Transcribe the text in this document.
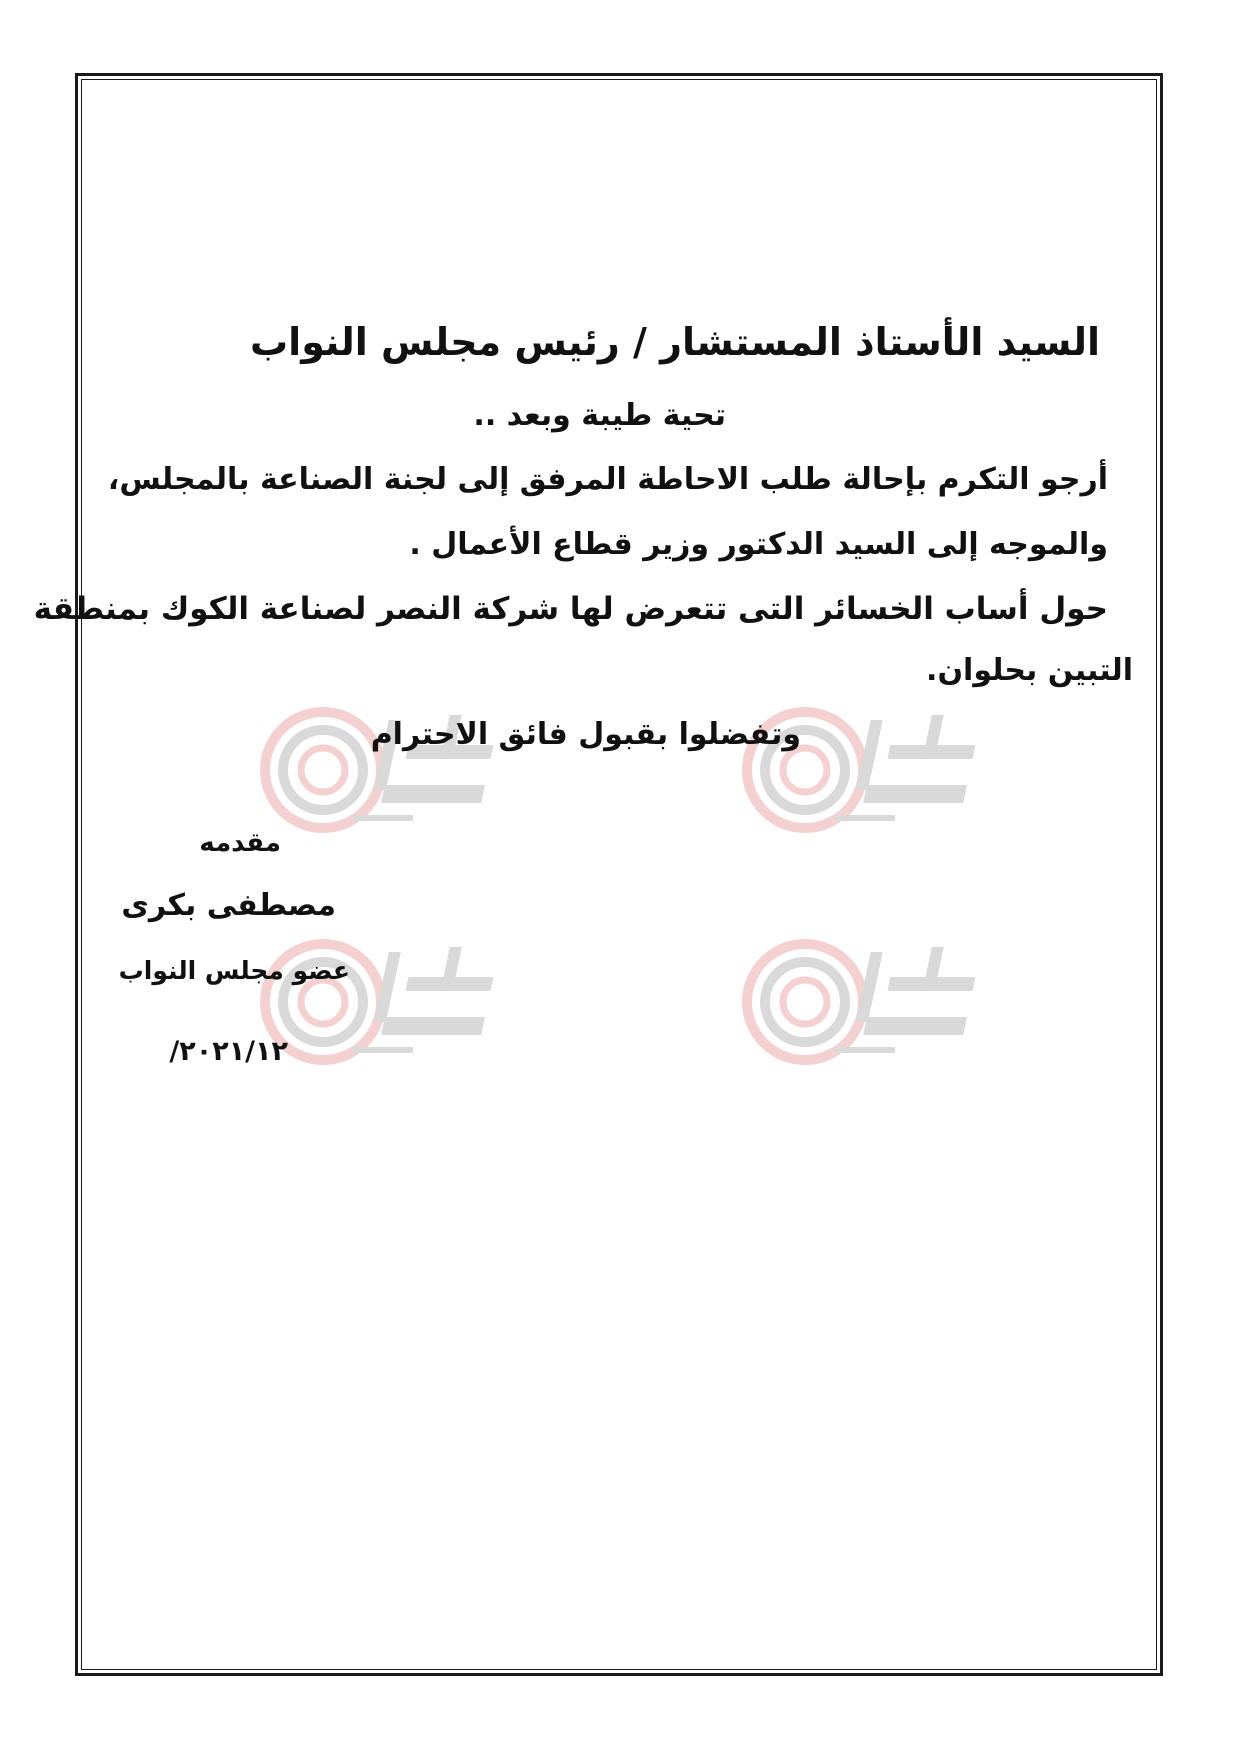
السيد الأستاذ المستشار / رئيس مجلس النواب
تحية طيبة وبعد ..
أرجو التكرم بإحالة طلب الاحاطة المرفق إلى لجنة الصناعة بالمجلس،
والموجه إلى السيد الدكتور وزير قطاع الأعمال .
حول أساب الخسائر التى تتعرض لها شركة النصر لصناعة الكوك بمنطقة
التبين بحلوان.
وتفضلوا بقبول فائق الاحترام
مقدمه
مصطفى بكرى
عضو مجلس النواب
٢٠٢١/١٢/
